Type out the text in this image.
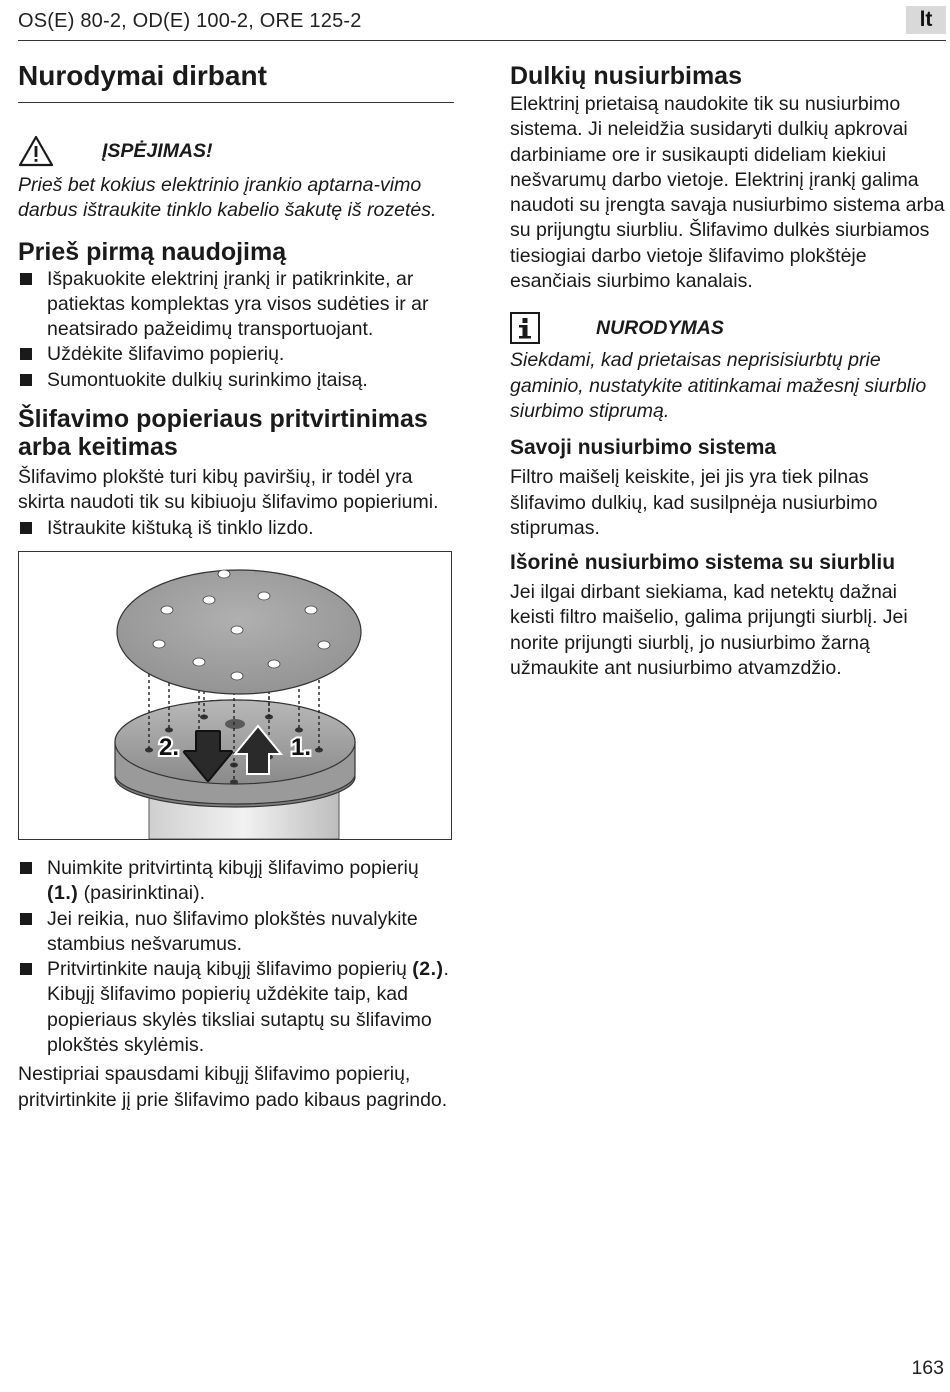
OS(E) 80-2, OD(E) 100-2, ORE 125-2	lt
Nurodymai dirbant
ĮSPĖJIMAS!

Prieš bet kokius elektrinio įrankio aptarna-vimo darbus ištraukite tinklo kabelio šakutę iš rozetės.

Prieš pirmą naudojimą
Išpakuokite elektrinį įrankį ir patikrinkite, ar patiektas komplektas yra visos sudėties ir ar neatsirado pažeidimų transportuojant.
Uždėkite šlifavimo popierių.
Sumontuokite dulkių surinkimo įtaisą.
Šlifavimo popieriaus pritvirtinimas arba keitimas

Šlifavimo plokštė turi kibų paviršių, ir todėl yra skirta naudoti tik su kibiuoju šlifavimo popieriumi.

Ištraukite kištuką iš tinklo lizdo.
2.	1.
Nuimkite pritvirtintą kibųjį šlifavimo popierių (1.) (pasirinktinai).
Jei reikia, nuo šlifavimo plokštės nuvalykite stambius nešvarumus.
Pritvirtinkite naują kibųjį šlifavimo popierių (2.). Kibųjį šlifavimo popierių uždėkite taip, kad popieriaus skylės tiksliai sutaptų su šlifavimo plokštės skylėmis.

Nestipriai spausdami kibųjį šlifavimo popierių, pritvirtinkite jį prie šlifavimo pado kibaus pagrindo.

Dulkių nusiurbimas

Elektrinį prietaisą naudokite tik su nusiurbimo sistema. Ji neleidžia susidaryti dulkių apkrovai darbiniame ore ir susikaupti dideliam kiekiui nešvarumų darbo vietoje. Elektrinį įrankį galima naudoti su įrengta savąja nusiurbimo sistema arba su prijungtu siurbliu. Šlifavimo dulkės siurbiamos tiesiogiai darbo vietoje šlifavimo plokštėje esančiais siurbimo kanalais.

NURODYMAS

Siekdami, kad prietaisas neprisisiurbtų prie gaminio, nustatykite atitinkamai mažesnį siurblio siurbimo stiprumą.

Savoji nusiurbimo sistema

Filtro maišelį keiskite, jei jis yra tiek pilnas šlifavimo dulkių, kad susilpnėja nusiurbimo stiprumas.

Išorinė nusiurbimo sistema su siurbliu

Jei ilgai dirbant siekiama, kad netektų dažnai keisti filtro maišelio, galima prijungti siurblį. Jei norite prijungti siurblį, jo nusiurbimo žarną užmaukite ant nusiurbimo atvamzdžio.

163
